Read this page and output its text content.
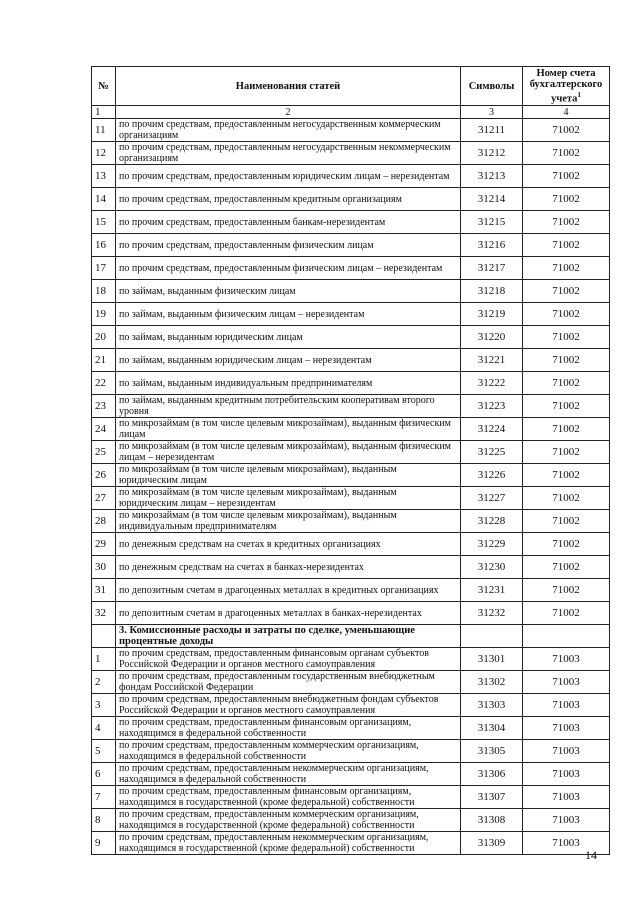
№	Наименования статей	Символы	Номер счета бухгалтерского учета$^1$
1	2	3	4
11	по прочим средствам, предоставленным негосударственным коммерческим организациям	31211	71002
12	по прочим средствам, предоставленным негосударственным некоммерческим организациям	31212	71002
13	по прочим средствам, предоставленным юридическим лицам – нерезидентам	31213	71002
14	по прочим средствам, предоставленным кредитным организациям	31214	71002
15	по прочим средствам, предоставленным банкам-нерезидентам	31215	71002
16	по прочим средствам, предоставленным физическим лицам	31216	71002
17	по прочим средствам, предоставленным физическим лицам – нерезидентам	31217	71002
18	по займам, выданным физическим лицам	31218	71002
19	по займам, выданным физическим лицам – нерезидентам	31219	71002
20	по займам, выданным юридическим лицам	31220	71002
21	по займам, выданным юридическим лицам – нерезидентам	31221	71002
22	по займам, выданным индивидуальным предпринимателям	31222	71002
23	по займам, выданным кредитным потребительским кооперативам второго уровня	31223	71002
24	по микрозаймам (в том числе целевым микрозаймам), выданным физическим лицам	31224	71002
25	по микрозаймам (в том числе целевым микрозаймам), выданным физическим лицам – нерезидентам	31225	71002
26	по микрозаймам (в том числе целевым микрозаймам), выданным юридическим лицам	31226	71002
27	по микрозаймам (в том числе целевым микрозаймам), выданным юридическим лицам – нерезидентам	31227	71002
28	по микрозаймам (в том числе целевым микрозаймам), выданным индивидуальным предпринимателям	31228	71002
29	по денежным средствам на счетах в кредитных организациях	31229	71002
30	по денежным средствам на счетах в банках-нерезидентах	31230	71002
31	по депозитным счетам в драгоценных металлах в кредитных организациях	31231	71002
32	по депозитным счетам в драгоценных металлах в банках-нерезидентах	31232	71002
	3. Комиссионные расходы и затраты по сделке, уменьшающие процентные доходы		
1	по прочим средствам, предоставленным финансовым органам субъектов Российской Федерации и органов местного самоуправления	31301	71003
2	по прочим средствам, предоставленным государственным внебюджетным фондам Российской Федерации	31302	71003
3	по прочим средствам, предоставленным внебюджетным фондам субъектов Российской Федерации и органов местного самоуправления	31303	71003
4	по прочим средствам, предоставленным финансовым организациям, находящимся в федеральной собственности	31304	71003
5	по прочим средствам, предоставленным коммерческим организациям, находящимся в федеральной собственности	31305	71003
6	по прочим средствам, предоставленным некоммерческим организациям, находящимся в федеральной собственности	31306	71003
7	по прочим средствам, предоставленным финансовым организациям, находящимся в государственной (кроме федеральной) собственности	31307	71003
8	по прочим средствам, предоставленным коммерческим организациям, находящимся в государственной (кроме федеральной) собственности	31308	71003
9	по прочим средствам, предоставленным некоммерческим организациям, находящимся в государственной (кроме федеральной) собственности	31309	71003
14
